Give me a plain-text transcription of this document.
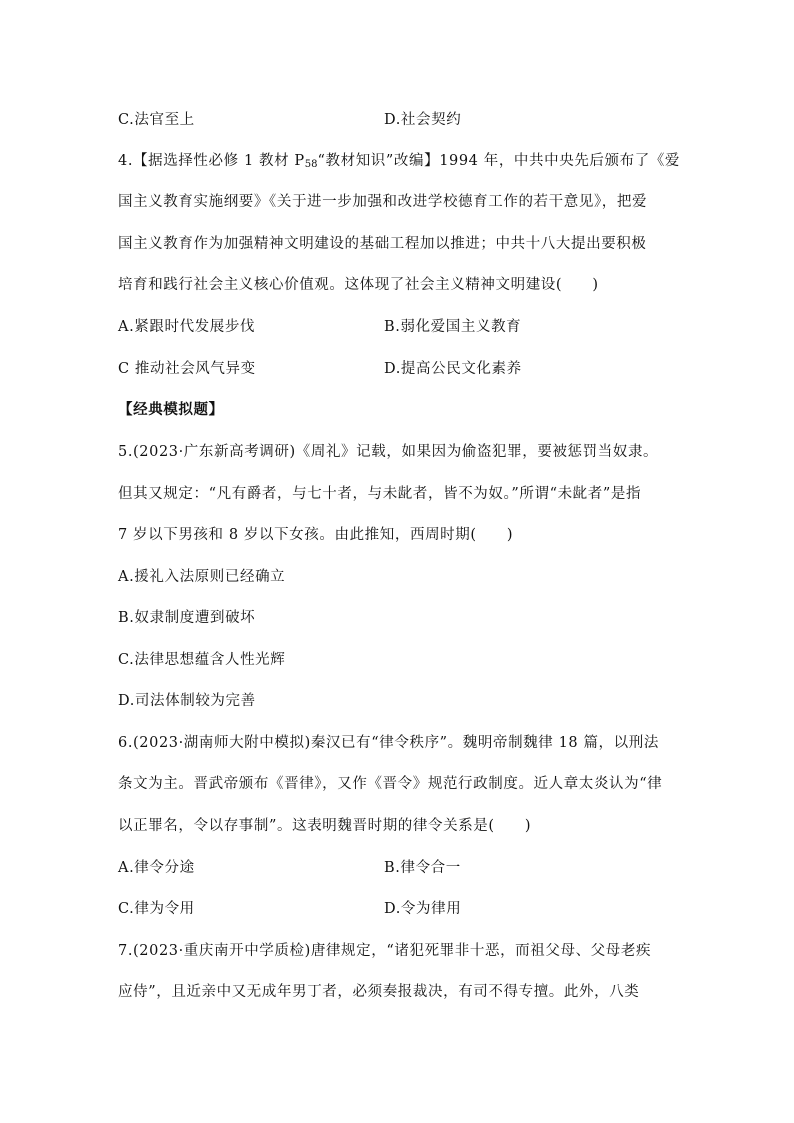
C.法官至上	D.社会契约
4.【据选择性必修 1 教材 $P_{58}“$教材知识”改编】1994 年，中共中央先后颁布了《爱
国主义教育实施纲要》《关于进一步加强和改进学校德育工作的若干意见》，把爱
国主义教育作为加强精神文明建设的基础工程加以推进；中共十八大提出要积极
培育和践行社会主义核心价值观。这体现了社会主义精神文明建设(　　)
A.紧跟时代发展步伐	B.弱化爱国主义教育
C 推动社会风气异变	D.提高公民文化素养
【经典模拟题】
5.(2023·广东新高考调研)《周礼》记载，如果因为偷盗犯罪，要被惩罚当奴隶。
但其又规定：“凡有爵者，与七十者，与未龀者，皆不为奴。”所谓“未龀者”是指
7 岁以下男孩和 8 岁以下女孩。由此推知，西周时期(　　)
A.援礼入法原则已经确立
B.奴隶制度遭到破坏
C.法律思想蕴含人性光辉
D.司法体制较为完善
6.(2023·湖南师大附中模拟)秦汉已有“律令秩序”。魏明帝制魏律 18 篇，以刑法
条文为主。晋武帝颁布《晋律》，又作《晋令》规范行政制度。近人章太炎认为“律
以正罪名，令以存事制”。这表明魏晋时期的律令关系是(　　)
A.律令分途	B.律令合一
C.律为令用	D.令为律用
7.(2023·重庆南开中学质检)唐律规定，“诸犯死罪非十恶，而祖父母、父母老疾
应侍”，且近亲中又无成年男丁者，必须奏报裁决，有司不得专擅。此外，八类
